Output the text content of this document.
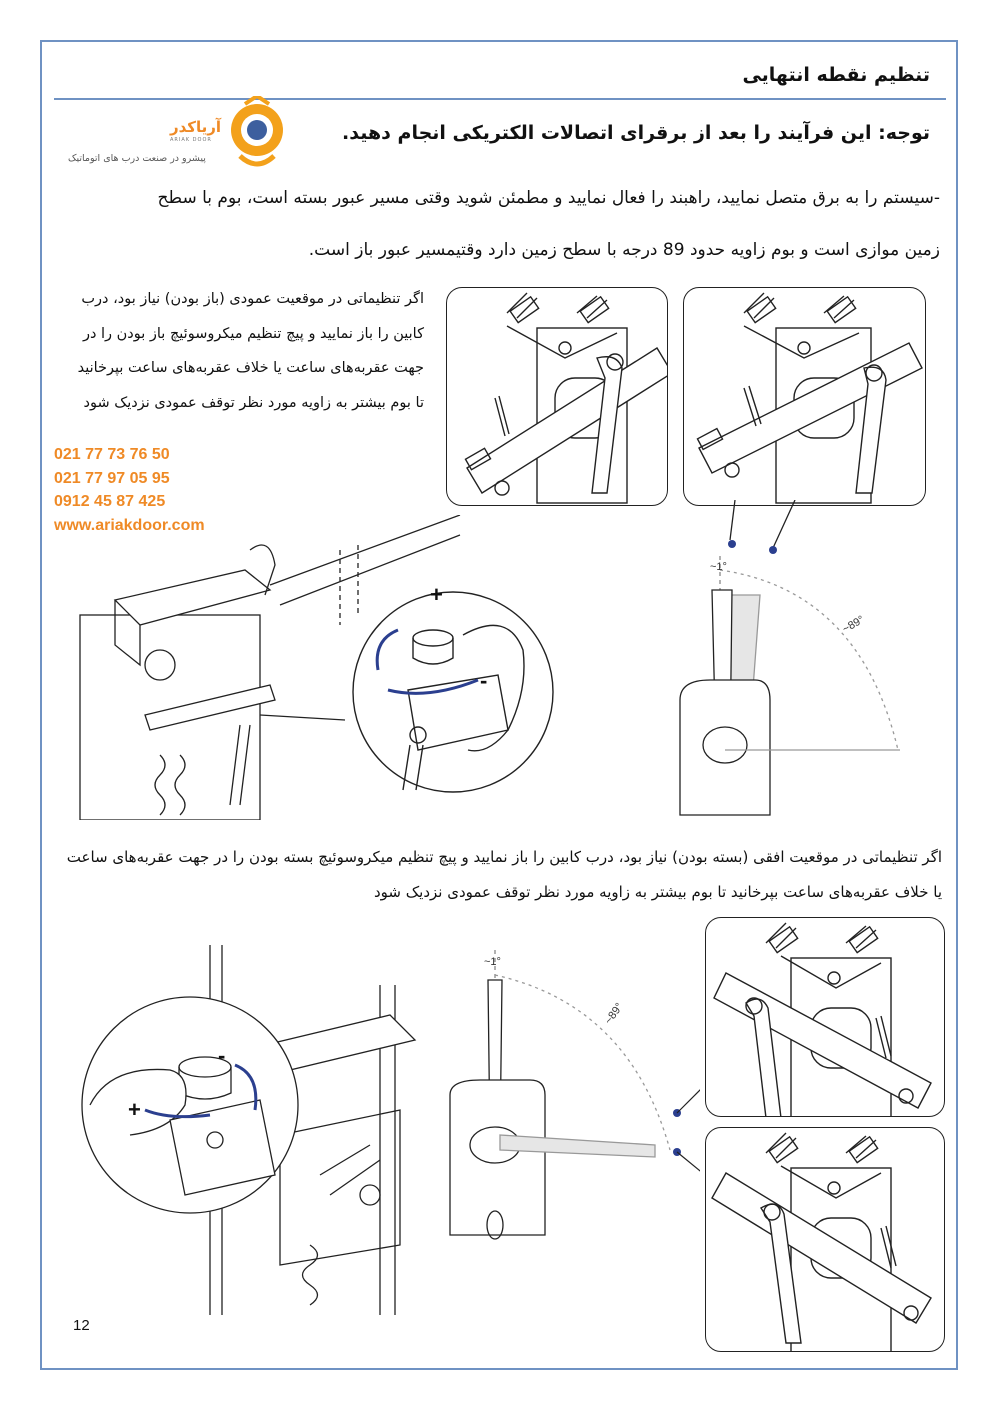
تنظیم نقطه انتهایی
آریاکدر
ARIAK DOOR
پیشرو در صنعت درب های اتوماتیک
توجه: این فرآیند را بعد از برقرای اتصالات الکتریکی انجام دهید.

-سیستم را به برق متصل نمایید، راهبند را فعال نمایید و مطمئن شوید وقتی مسیر عبور بسته است، بوم با سطح

زمین موازی است و بوم زاویه حدود 89 درجه با سطح زمین دارد وقتیمسیر عبور باز است.

اگر تنظیماتی در موقعیت عمودی (باز بودن) نیاز بود، درب کابین را باز نمایید و پیچ تنظیم میکروسوئیچ باز بودن را در جهت عقربه‌های ساعت یا خلاف عقربه‌های ساعت بپرخانید تا بوم بیشتر به زاویه مورد نظر توقف عمودی نزدیک شود
021 77 73 76 50
021 77 97 05 95
0912 45 87 425
www.ariakdoor.com
~1°
~89°
+
-
اگر تنظیماتی در موقعیت افقی (بسته بودن) نیاز بود، درب کابین را باز نمایید و پیچ تنظیم میکروسوئیچ بسته بودن را در جهت عقربه‌های ساعت یا خلاف عقربه‌های ساعت بپرخانید تا بوم بیشتر به زاویه مورد نظر توقف عمودی نزدیک شود
-
+
~1°
~89°
12
